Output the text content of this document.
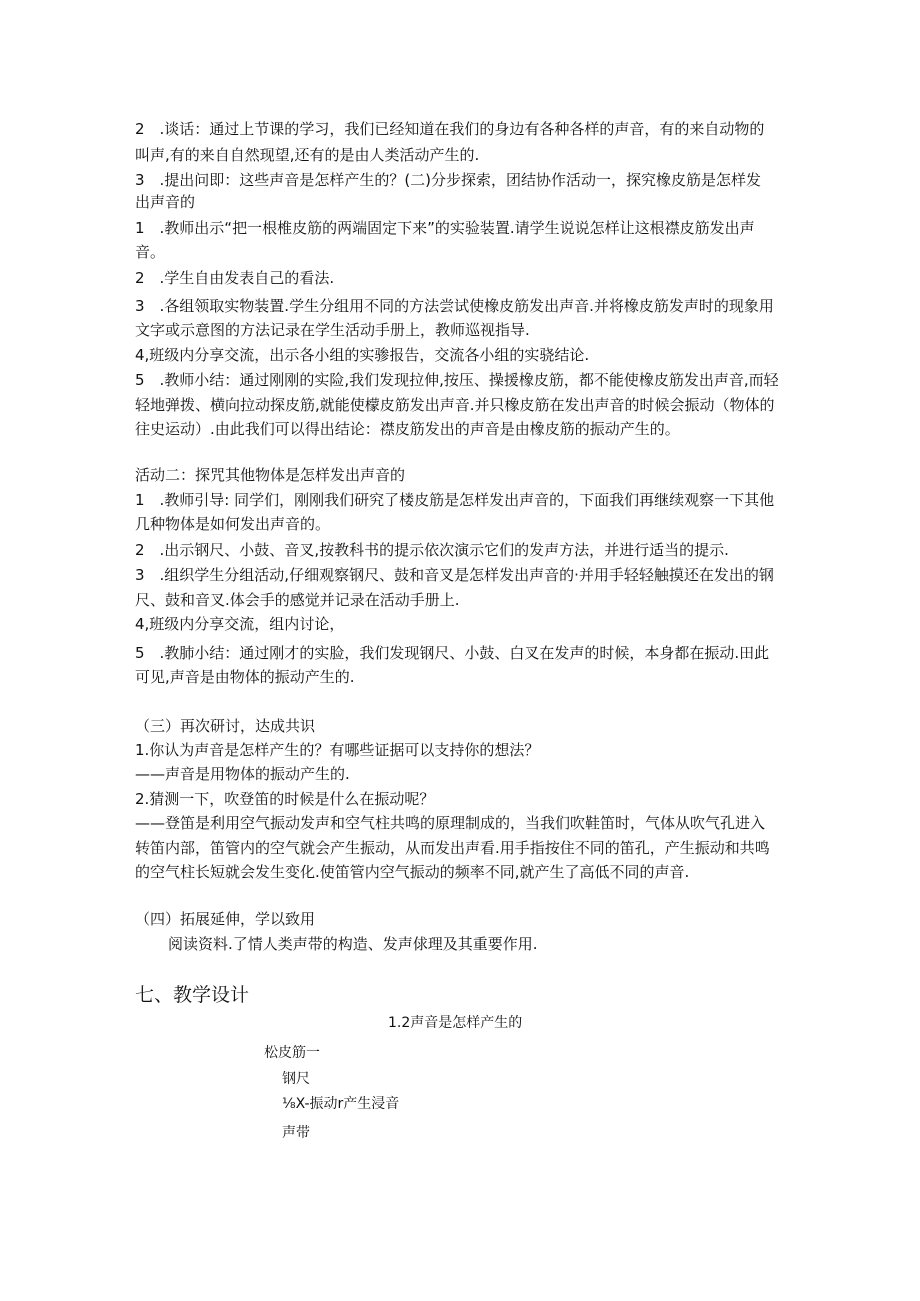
2　.谈话：通过上节课的学习，我们已经知道在我们的身边有各种各样的声音，有的来自动物的
叫声,有的来自自然现望,还有的是由人类活动产生的.
3　.提出问即：这些声音是怎样产生的？(二)分步探索，团结协作活动一，探究橡皮筋是怎样发
出声音的
1　.教师出示“把一根椎皮筋的两端固定下来”的实验装置.请学生说说怎样让这根襟皮筋发出声
音。
2　.学生自由发表自己的看法.
3　.各组领取实物装置.学生分组用不同的方法尝试使橡皮筋发出声音.并将橡皮筋发声时的现象用
文字或示意图的方法记录在学生活动手册上，教师巡视指导.
4,班级内分享交流，出示各小组的实骖报告，交流各小组的实骁结论.
5　.教师小结：通过刚刚的实险,我们发现拉伸,按压、操援橡皮筋，都不能使橡皮筋发出声音,而轻
轻地弹拨、横向拉动探皮筋,就能使檬皮筋发出声音.并只橡皮筋在发出声音的时候会振动（物体的
往史运动）.由此我们可以得出结论：襟皮筋发出的声音是由橡皮筋的振动产生的。
活动二：探咒其他物体是怎样发出声音的
1　.教师引导: 同学们，刚刚我们研究了楼皮筋是怎样发出声音的，下面我们再继续观察一下其他
几种物体是如何发出声音的。
2　.出示钢尺、小鼓、音叉,按教科书的提示依次演示它们的发声方法，并进行适当的提示.
3　.组织学生分组活动,仔细观察钢尺、鼓和音叉是怎样发出声音的·并用手轻轻触摸还在发出的钢
尺、鼓和音叉.体会手的感觉并记录在活动手册上.
4,班级内分享交流，组内讨论，
5　.教肺小结：通过刚才的实脸，我们发现钢尺、小鼓、白叉在发声的时候，本身都在振动.田此
可见,声音是由物体的振动产生的.
（三）再次研讨，达成共识
1.你认为声音是怎样产生的？有哪些证据可以支持你的想法？
——声音是用物体的振动产生的.
2.猜测一下，吹登笛的时候是什么在振动呢？
——登笛是利用空气振动发声和空气柱共鸣的原理制成的，当我们吹鞋笛时，气体从吹气孔进入
转笛内部，笛管内的空气就会产生振动，从而发出声看.用手指按住不同的笛孔，产生振动和共鸣
的空气柱长短就会发生变化.使笛管内空气振动的频率不同,就产生了高低不同的声音.
（四）拓展延伸，学以致用
阅读资料.了情人类声带的构造、发声俅理及其重要作用.
七、教学设计
1.2声音是怎样产生的
松皮筋一
钢尺
⅛X-振动r产生浸音
声带
